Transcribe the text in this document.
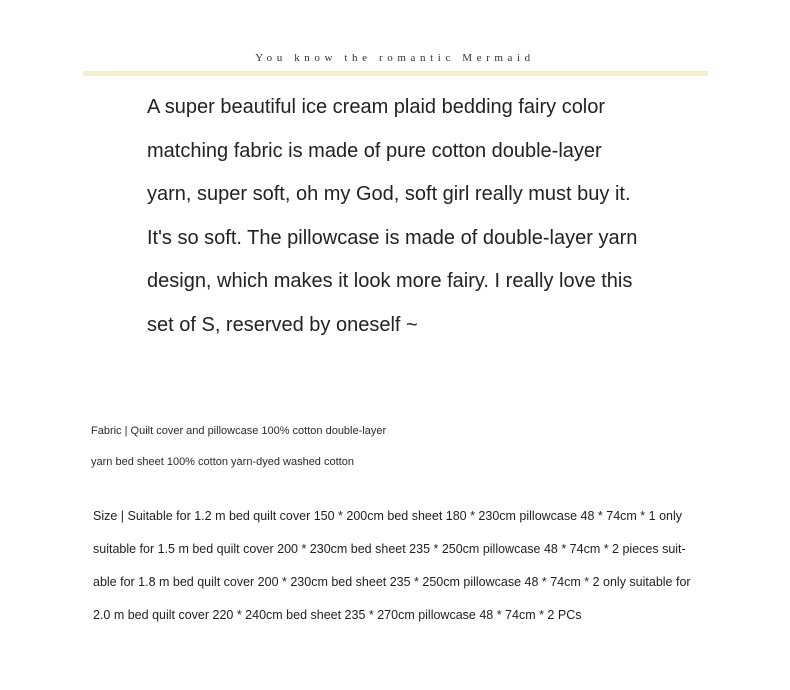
You know the romantic Mermaid
A super beautiful ice cream plaid bedding fairy color
matching fabric is made of pure cotton double-layer
yarn, super soft, oh my God, soft girl really must buy it.
It's so soft. The pillowcase is made of double-layer yarn
design, which makes it look more fairy. I really love this
set of S, reserved by oneself ~
Fabric | Quilt cover and pillowcase 100% cotton double-layer
yarn bed sheet 100% cotton yarn-dyed washed cotton
Size | Suitable for 1.2 m bed quilt cover 150 * 200cm bed sheet 180 * 230cm pillowcase 48 * 74cm * 1 only
suitable for 1.5 m bed quilt cover 200 * 230cm bed sheet 235 * 250cm pillowcase 48 * 74cm * 2 pieces suit-
able for 1.8 m bed quilt cover 200 * 230cm bed sheet 235 * 250cm pillowcase 48 * 74cm * 2 only suitable for
2.0 m bed quilt cover 220 * 240cm bed sheet 235 * 270cm pillowcase 48 * 74cm * 2 PCs
